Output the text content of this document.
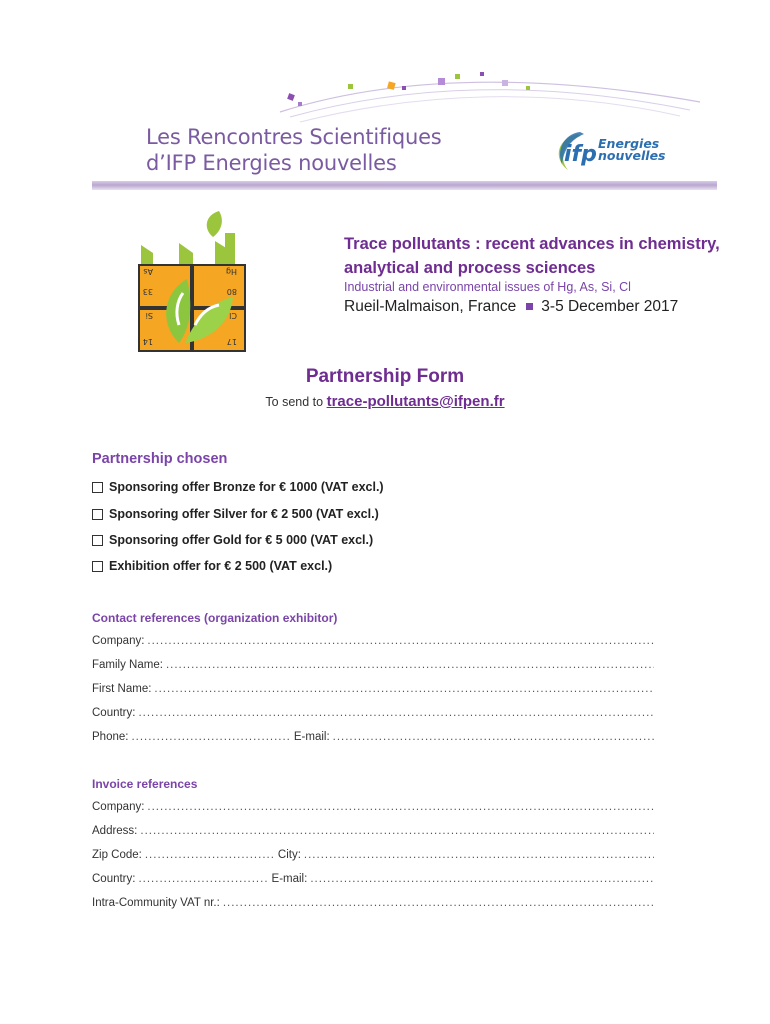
Les Rencontres Scientifiques
d’IFP Energies nouvelles	ifp Energies
nouvelles
As	Hg
33	80
Si	Cl
14	17
Trace pollutants : recent advances in chemistry, analytical and process sciences
Industrial and environmental issues of Hg, As, Si, Cl
Rueil-Malmaison, France 3-5 December 2017
Partnership Form
To send to trace-pollutants@ifpen.fr
Partnership chosen
Sponsoring offer Bronze for € 1000 (VAT excl.)
Sponsoring offer Silver for € 2 500 (VAT excl.)
Sponsoring offer Gold for € 5 000 (VAT excl.)
Exhibition offer for € 2 500 (VAT excl.)
Contact references (organization exhibitor)
Company:
.....
Family Name:
.....
First Name:
.....
Country:
.....
Phone: .....	E-mail:
.....
Invoice references
Company:
.....
Address:
.....
Zip Code: .....	City:
.....
Country: .....	E-mail:
.....
Intra-Community VAT nr.:
.....
